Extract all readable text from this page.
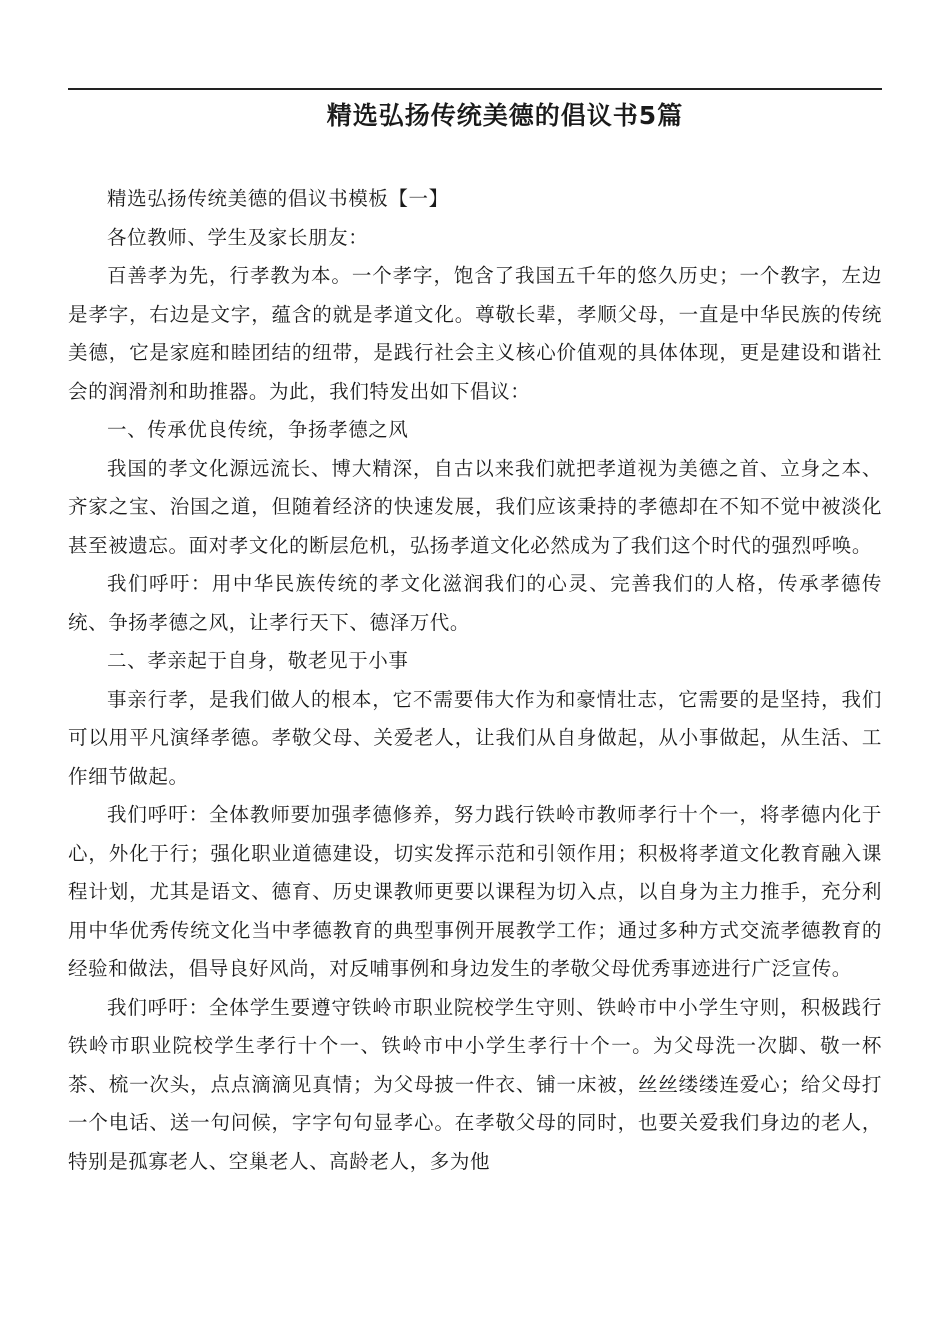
精选弘扬传统美德的倡议书5篇

精选弘扬传统美德的倡议书模板【一】

各位教师、学生及家长朋友：

百善孝为先，行孝教为本。一个孝字，饱含了我国五千年的悠久历史；一个教字，左边是孝字，右边是文字，蕴含的就是孝道文化。尊敬长辈，孝顺父母，一直是中华民族的传统美德，它是家庭和睦团结的纽带，是践行社会主义核心价值观的具体体现，更是建设和谐社会的润滑剂和助推器。为此，我们特发出如下倡议：

一、传承优良传统，争扬孝德之风

我国的孝文化源远流长、博大精深，自古以来我们就把孝道视为美德之首、立身之本、齐家之宝、治国之道，但随着经济的快速发展，我们应该秉持的孝德却在不知不觉中被淡化甚至被遗忘。面对孝文化的断层危机，弘扬孝道文化必然成为了我们这个时代的强烈呼唤。

我们呼吁：用中华民族传统的孝文化滋润我们的心灵、完善我们的人格，传承孝德传统、争扬孝德之风，让孝行天下、德泽万代。

二、孝亲起于自身，敬老见于小事

事亲行孝，是我们做人的根本，它不需要伟大作为和豪情壮志，它需要的是坚持，我们可以用平凡演绎孝德。孝敬父母、关爱老人，让我们从自身做起，从小事做起，从生活、工作细节做起。

我们呼吁：全体教师要加强孝德修养，努力践行铁岭市教师孝行十个一，将孝德内化于心，外化于行；强化职业道德建设，切实发挥示范和引领作用；积极将孝道文化教育融入课程计划，尤其是语文、德育、历史课教师更要以课程为切入点，以自身为主力推手，充分利用中华优秀传统文化当中孝德教育的典型事例开展教学工作；通过多种方式交流孝德教育的经验和做法，倡导良好风尚，对反哺事例和身边发生的孝敬父母优秀事迹进行广泛宣传。

我们呼吁：全体学生要遵守铁岭市职业院校学生守则、铁岭市中小学生守则，积极践行铁岭市职业院校学生孝行十个一、铁岭市中小学生孝行十个一。为父母洗一次脚、敬一杯茶、梳一次头，点点滴滴见真情；为父母披一件衣、铺一床被，丝丝缕缕连爱心；给父母打一个电话、送一句问候，字字句句显孝心。在孝敬父母的同时，也要关爱我们身边的老人，特别是孤寡老人、空巢老人、高龄老人，多为他
